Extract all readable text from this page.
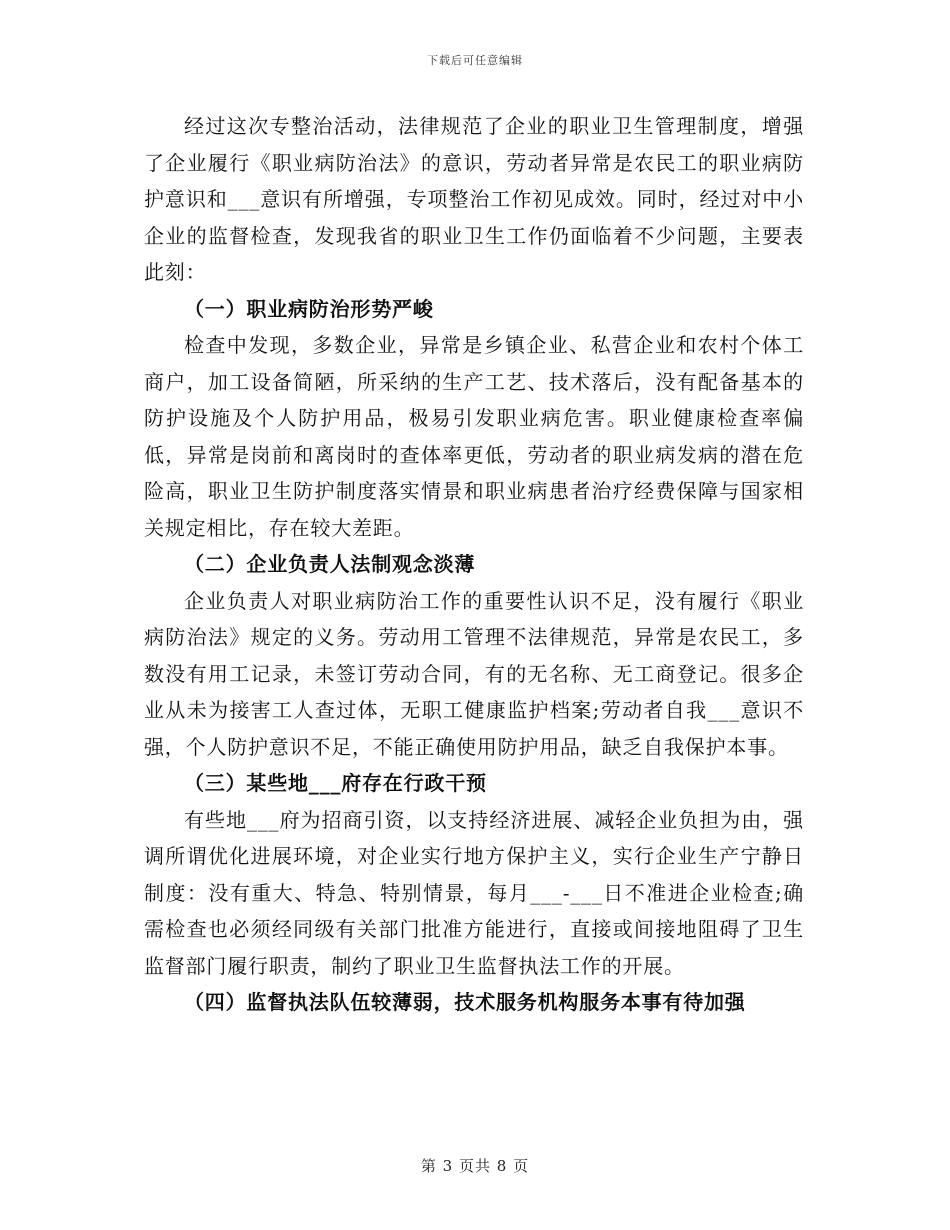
下载后可任意编辑

经过这次专整治活动，法律规范了企业的职业卫生管理制度，增强了企业履行《职业病防治法》的意识，劳动者异常是农民工的职业病防护意识和___意识有所增强，专项整治工作初见成效。同时，经过对中小企业的监督检查，发现我省的职业卫生工作仍面临着不少问题，主要表此刻：

（一）职业病防治形势严峻

检查中发现，多数企业，异常是乡镇企业、私营企业和农村个体工商户，加工设备简陋，所采纳的生产工艺、技术落后，没有配备基本的防护设施及个人防护用品，极易引发职业病危害。职业健康检查率偏低，异常是岗前和离岗时的查体率更低，劳动者的职业病发病的潜在危险高，职业卫生防护制度落实情景和职业病患者治疗经费保障与国家相关规定相比，存在较大差距。

（二）企业负责人法制观念淡薄

企业负责人对职业病防治工作的重要性认识不足，没有履行《职业病防治法》规定的义务。劳动用工管理不法律规范，异常是农民工，多数没有用工记录，未签订劳动合同，有的无名称、无工商登记。很多企业从未为接害工人查过体，无职工健康监护档案;劳动者自我___意识不强，个人防护意识不足，不能正确使用防护用品，缺乏自我保护本事。

（三）某些地___府存在行政干预

有些地___府为招商引资，以支持经济进展、减轻企业负担为由，强调所谓优化进展环境，对企业实行地方保护主义，实行企业生产宁静日制度：没有重大、特急、特别情景，每月___-___日不准进企业检查;确需检查也必须经同级有关部门批准方能进行，直接或间接地阻碍了卫生监督部门履行职责，制约了职业卫生监督执法工作的开展。

（四）监督执法队伍较薄弱，技术服务机构服务本事有待加强

第 3 页共 8 页
